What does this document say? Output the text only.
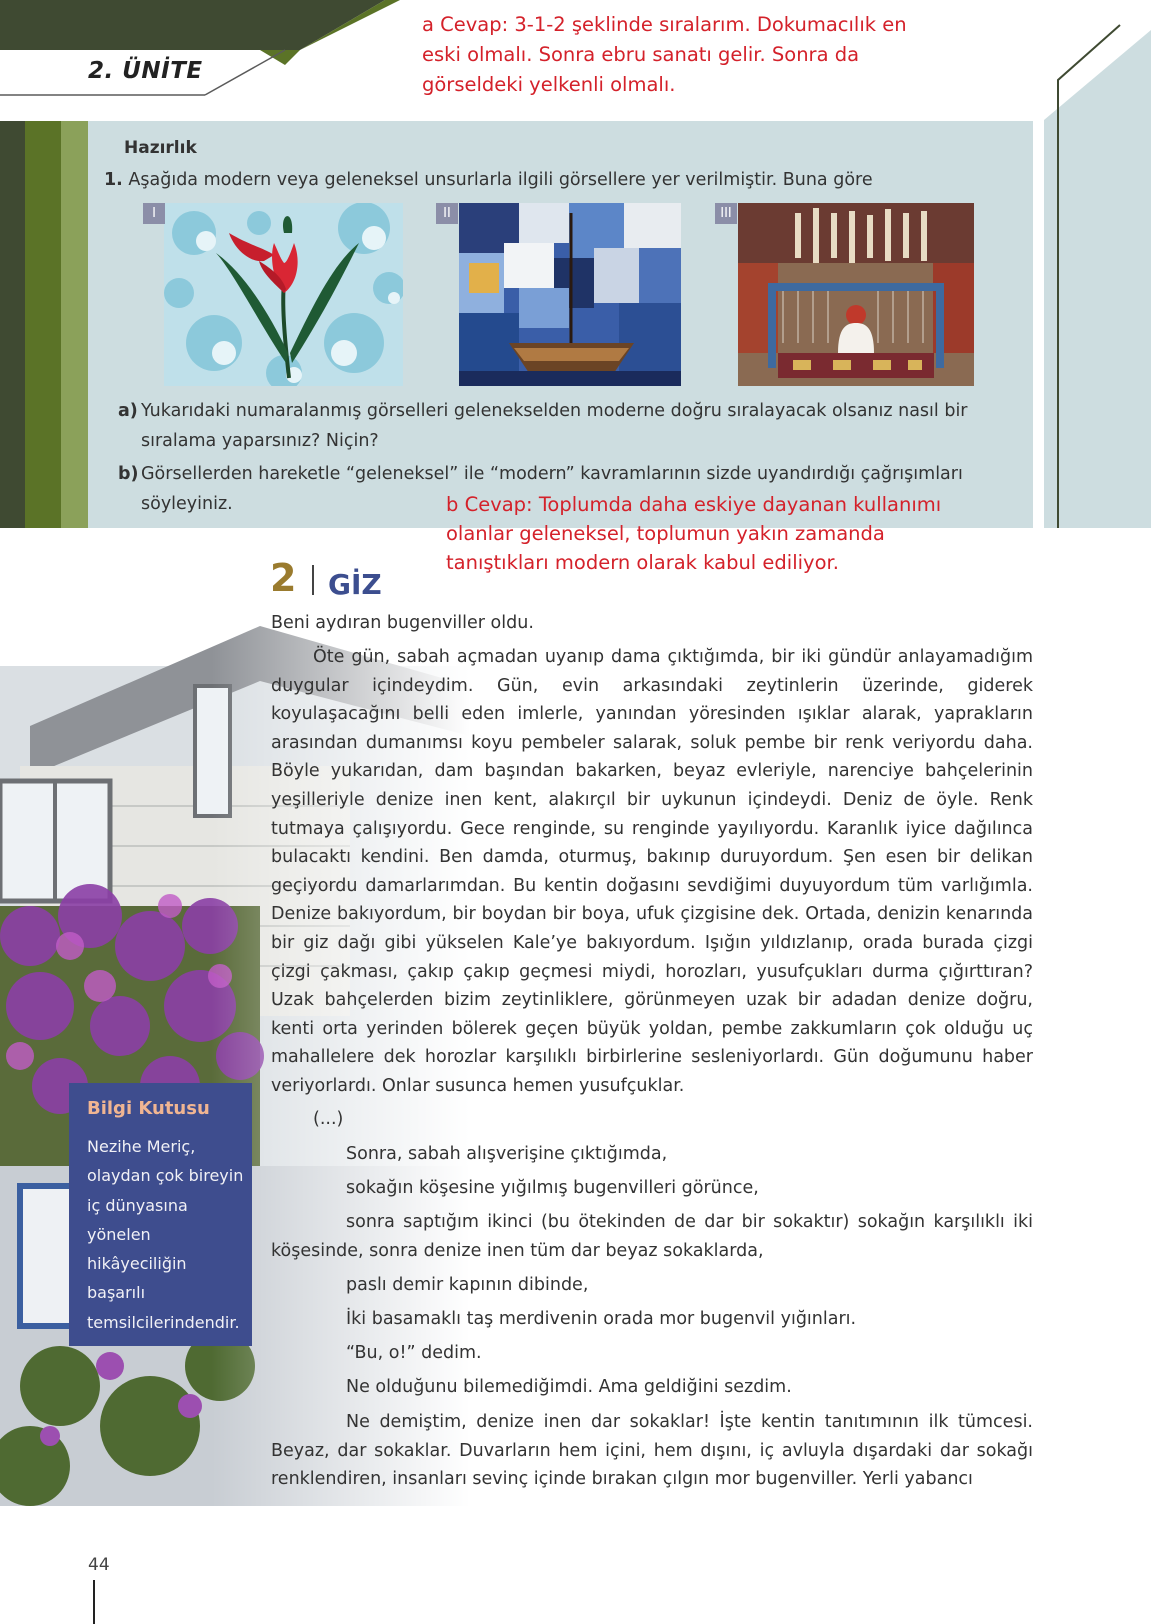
2. ÜNİTE
a Cevap: 3-1-2 şeklinde sıralarım. Dokumacılık en eski olmalı. Sonra ebru sanatı gelir. Sonra da görseldeki yelkenli olmalı.
Hazırlık
1. Aşağıda modern veya geleneksel unsurlarla ilgili görsellere yer verilmiştir. Buna göre
I	II	III
a) Yukarıdaki numaralanmış görselleri gelenekselden moderne doğru sıralayacak olsanız nasıl bir sıralama yaparsınız? Niçin?
b) Görsellerden hareketle “geleneksel” ile “modern” kavramlarının sizde uyandırdığı çağrışımları söyleyiniz.	b Cevap: Toplumda daha eskiye dayanan kullanımı olanlar geleneksel, toplumun yakın zamanda tanıştıkları modern olarak kabul ediliyor.
2 GİZ
Beni aydıran bugenviller oldu.
Öte gün, sabah açmadan uyanıp dama çıktığımda, bir iki gündür anlayamadığım duygular içindeydim. Gün, evin arkasındaki zeytinlerin üzerinde, giderek koyulaşacağını belli eden imlerle, yanından yöresinden ışıklar alarak, yaprakların arasından dumanımsı koyu pembeler salarak, soluk pembe bir renk veriyordu daha. Böyle yukarıdan, dam başından bakarken, beyaz evleriyle, narenciye bahçelerinin yeşilleriyle denize inen kent, alakırçıl bir uykunun içindeydi. Deniz de öyle. Renk tutmaya çalışıyordu. Gece renginde, su renginde yayılıyordu. Karanlık iyice dağılınca bulacaktı kendini. Ben damda, oturmuş, bakınıp duruyordum. Şen esen bir delikan geçiyordu damarlarımdan. Bu kentin doğasını sevdiğimi duyuyordum tüm varlığımla. Denize bakıyordum, bir boydan bir boya, ufuk çizgisine dek. Ortada, denizin kenarında bir giz dağı gibi yükselen Kale’ye bakıyordum. Işığın yıldızlanıp, orada burada çizgi çizgi çakması, çakıp çakıp geçmesi miydi, horozları, yusufçukları durma çığırttıran? Uzak bahçelerden bizim zeytinliklere, görünmeyen uzak bir adadan denize doğru, kenti orta yerinden bölerek geçen büyük yoldan, pembe zakkumların çok olduğu uç mahallelere dek horozlar karşılıklı birbirlerine sesleniyorlardı. Gün doğumunu haber veriyorlardı. Onlar susunca hemen yusufçuklar.
(...)
Sonra, sabah alışverişine çıktığımda,
sokağın köşesine yığılmış bugenvilleri görünce,
sonra saptığım ikinci (bu ötekinden de dar bir sokaktır) sokağın karşılıklı iki köşesinde, sonra denize inen tüm dar beyaz sokaklarda,
paslı demir kapının dibinde,
İki basamaklı taş merdivenin orada mor bugenvil yığınları.
“Bu, o!” dedim.
Ne olduğunu bilemediğimdi. Ama geldiğini sezdim.
Ne demiştim, denize inen dar sokaklar! İşte kentin tanıtımının ilk tümcesi. Beyaz, dar sokaklar. Duvarların hem içini, hem dışını, iç avluyla dışardaki dar sokağı renklendiren, insanları sevinç içinde bırakan çılgın mor bugenviller. Yerli yabancı
Bilgi Kutusu
Nezihe Meriç, olaydan çok bireyin iç dünyasına yönelen hikâyeciliğin başarılı temsilcilerindendir.
44
